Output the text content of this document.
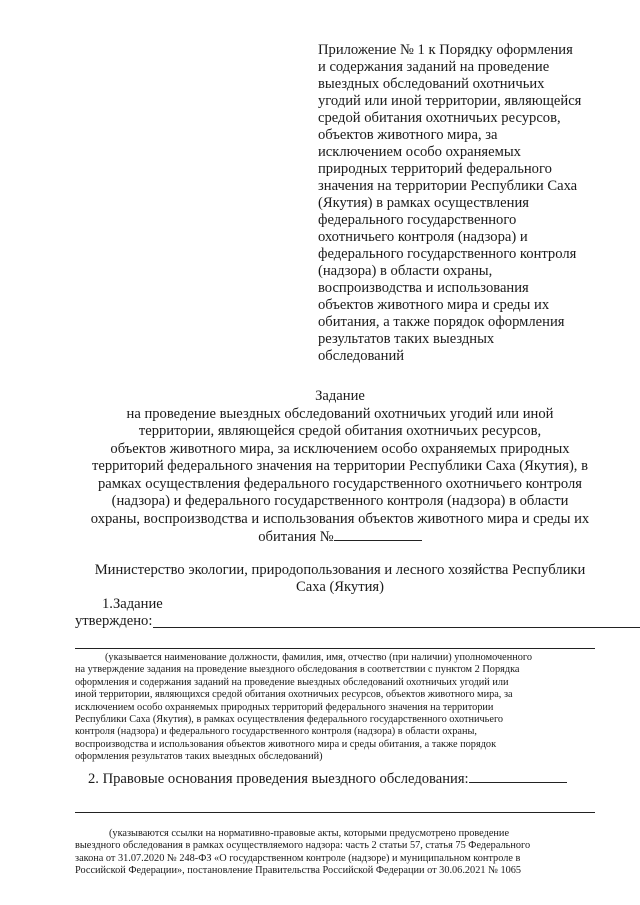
Приложение № 1 к Порядку оформления
и содержания заданий на проведение
выездных обследований охотничьих
угодий или иной территории, являющейся
средой обитания охотничьих ресурсов,
объектов животного мира, за
исключением особо охраняемых
природных территорий федерального
значения на территории Республики Саха
(Якутия) в рамках осуществления
федерального государственного
охотничьего контроля (надзора) и
федерального государственного контроля
(надзора) в области охраны,
воспроизводства и использования
объектов животного мира и среды их
обитания, а также порядок оформления
результатов таких выездных
обследований
Задание
на проведение выездных обследований охотничьих угодий или иной
территории, являющейся средой обитания охотничьих ресурсов,
объектов животного мира, за исключением особо охраняемых природных
территорий федерального значения на территории Республики Саха (Якутия), в
рамках осуществления федерального государственного охотничьего контроля
(надзора) и федерального государственного контроля (надзора) в области
охраны, воспроизводства и использования объектов животного мира и среды их
обитания №
Министерство экологии, природопользования и лесного хозяйства Республики
Саха (Якутия)
1.Задание
утверждено:
(указывается наименование должности, фамилия, имя, отчество (при наличии) уполномоченного
на утверждение задания на проведение выездного обследования в соответствии с пунктом 2 Порядка
оформления и содержания заданий на проведение выездных обследований охотничьих угодий или
иной территории, являющихся средой обитания охотничьих ресурсов, объектов животного мира, за
исключением особо охраняемых природных территорий федерального значения на территории
Республики Саха (Якутия), в рамках осуществления федерального государственного охотничьего
контроля (надзора) и федерального государственного контроля (надзора) в области охраны,
воспроизводства и использования объектов животного мира и среды обитания, а также порядок
оформления результатов таких выездных обследований)
2. Правовые основания проведения выездного обследования:
(указываются ссылки на нормативно-правовые акты, которыми предусмотрено проведение
выездного обследования в рамках осуществляемого надзора: часть 2 статьи 57, статья 75 Федерального
закона от 31.07.2020 № 248-ФЗ «О государственном контроле (надзоре) и муниципальном контроле в
Российской Федерации», постановление Правительства Российской Федерации от 30.06.2021 № 1065
